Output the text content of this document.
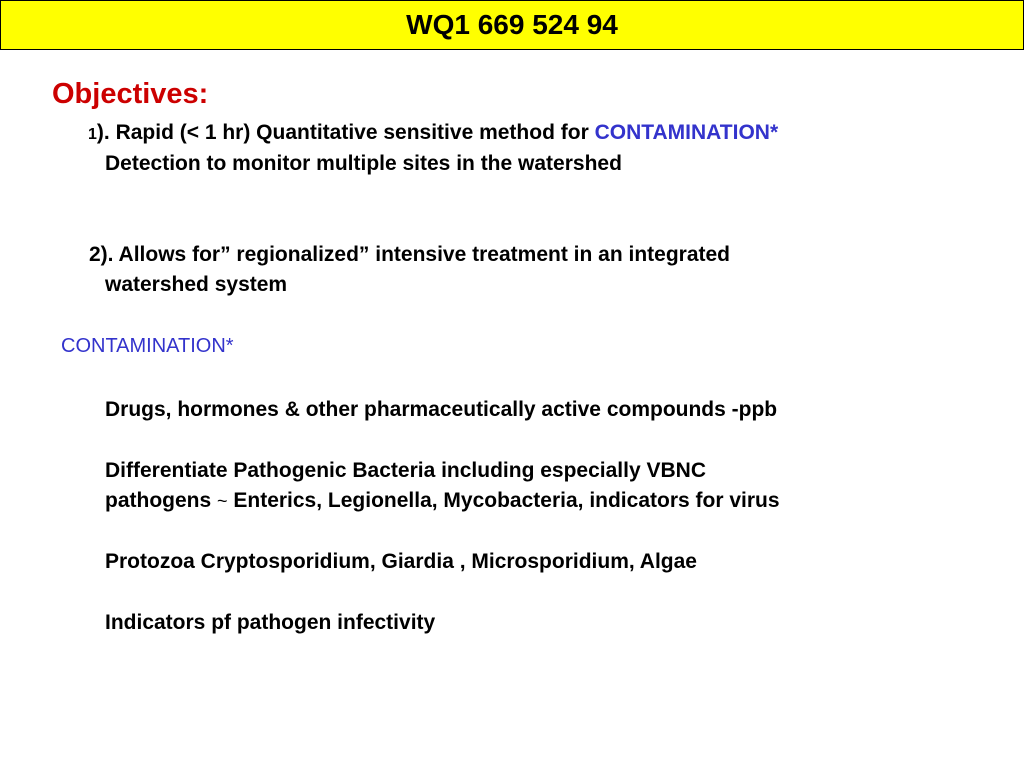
WQ1 669 524 94
Objectives:
1). Rapid (< 1 hr) Quantitative sensitive method for CONTAMINATION*
Detection to monitor multiple sites in the watershed
2). Allows for” regionalized” intensive treatment in an integrated
watershed system
CONTAMINATION*
Drugs, hormones & other pharmaceutically active compounds -ppb
Differentiate Pathogenic Bacteria including especially VBNC
pathogens ~ Enterics, Legionella, Mycobacteria, indicators for virus
Protozoa Cryptosporidium, Giardia , Microsporidium, Algae
Indicators pf pathogen infectivity
